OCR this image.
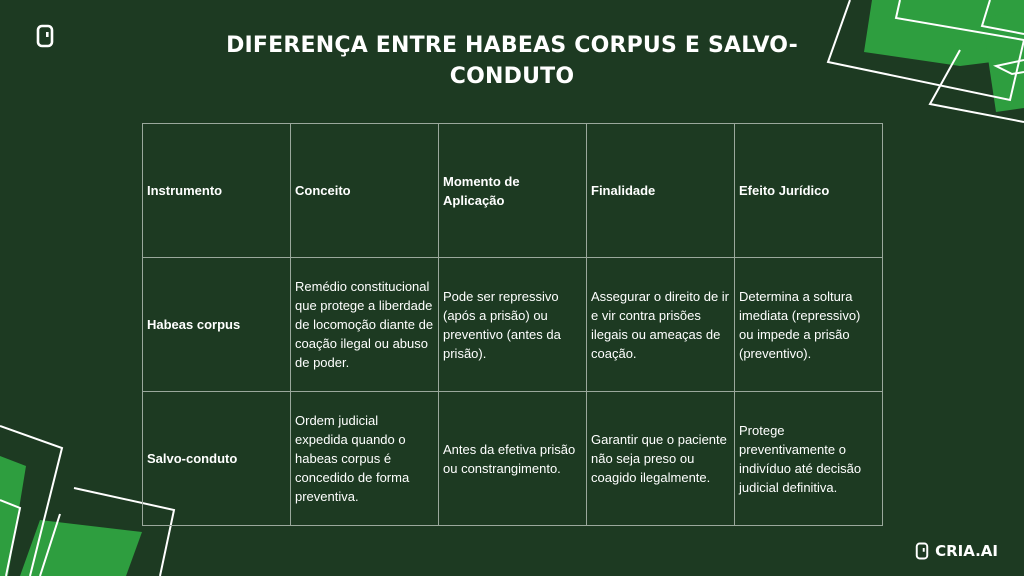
DIFERENÇA ENTRE HABEAS CORPUS E SALVO-CONDUTO
Instrumento	Conceito	Momento de Aplicação	Finalidade	Efeito Jurídico
Habeas corpus	Remédio constitucional que protege a liberdade de locomoção diante de coação ilegal ou abuso de poder.	Pode ser repressivo (após a prisão) ou preventivo (antes da prisão).	Assegurar o direito de ir e vir contra prisões ilegais ou ameaças de coação.	Determina a soltura imediata (repressivo) ou impede a prisão (preventivo).
Salvo-conduto	Ordem judicial expedida quando o habeas corpus é concedido de forma preventiva.	Antes da efetiva prisão ou constrangimento.	Garantir que o paciente não seja preso ou coagido ilegalmente.	Protege preventivamente o indivíduo até decisão judicial definitiva.
CRIA.AI
